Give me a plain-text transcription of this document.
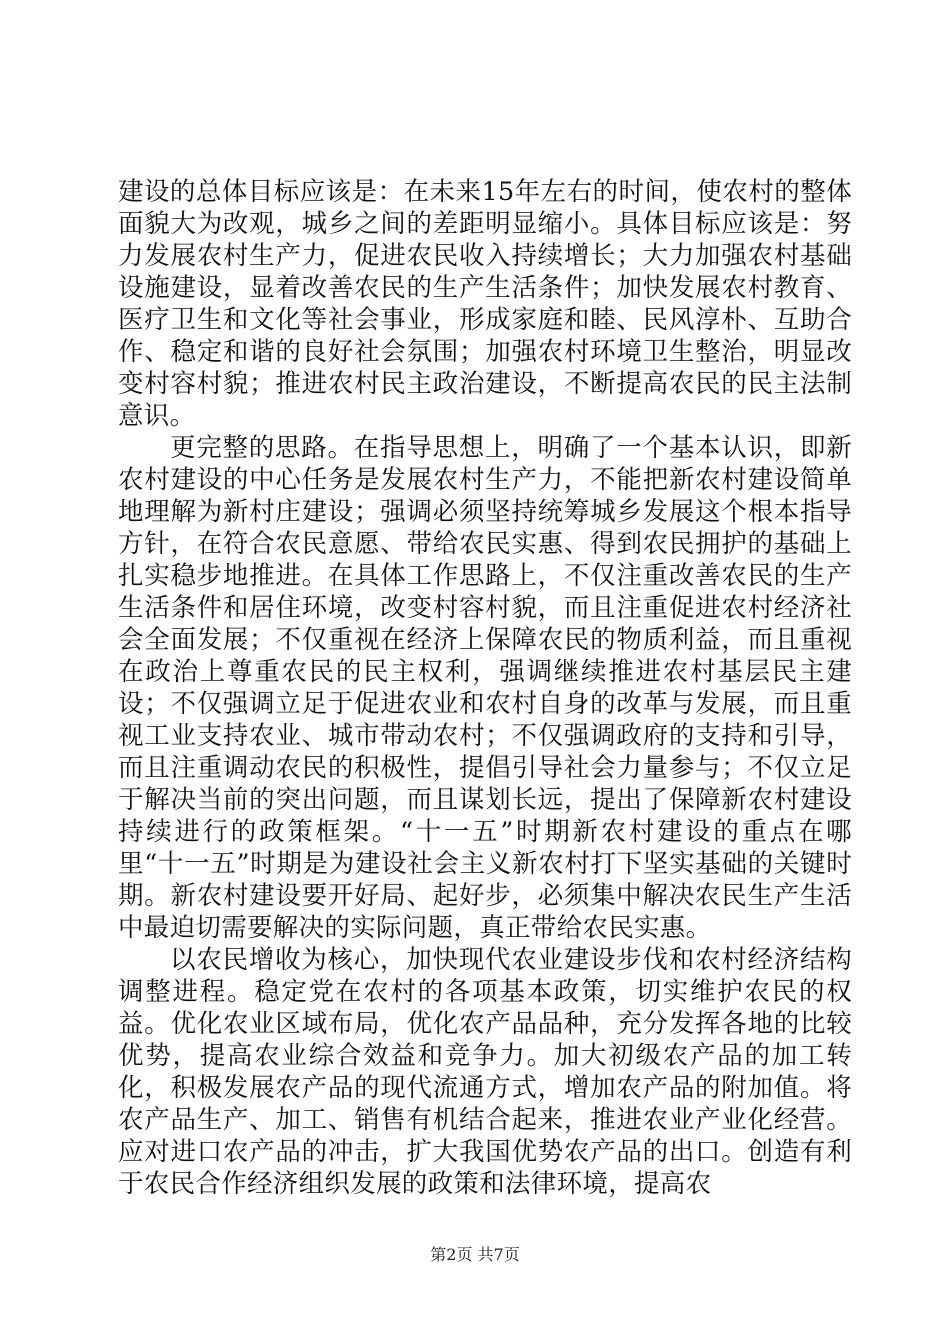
建设的总体目标应该是：在未来15年左右的时间，使农村的整体面貌大为改观，城乡之间的差距明显缩小。具体目标应该是：努力发展农村生产力，促进农民收入持续增长；大力加强农村基础设施建设，显着改善农民的生产生活条件；加快发展农村教育、医疗卫生和文化等社会事业，形成家庭和睦、民风淳朴、互助合作、稳定和谐的良好社会氛围；加强农村环境卫生整治，明显改变村容村貌；推进农村民主政治建设，不断提高农民的民主法制意识。

更完整的思路。在指导思想上，明确了一个基本认识，即新农村建设的中心任务是发展农村生产力，不能把新农村建设简单地理解为新村庄建设；强调必须坚持统筹城乡发展这个根本指导方针，在符合农民意愿、带给农民实惠、得到农民拥护的基础上扎实稳步地推进。在具体工作思路上，不仅注重改善农民的生产生活条件和居住环境，改变村容村貌，而且注重促进农村经济社会全面发展；不仅重视在经济上保障农民的物质利益，而且重视在政治上尊重农民的民主权利，强调继续推进农村基层民主建设；不仅强调立足于促进农业和农村自身的改革与发展，而且重视工业支持农业、城市带动农村；不仅强调政府的支持和引导，而且注重调动农民的积极性，提倡引导社会力量参与；不仅立足于解决当前的突出问题，而且谋划长远，提出了保障新农村建设持续进行的政策框架。“十一五”时期新农村建设的重点在哪里“十一五”时期是为建设社会主义新农村打下坚实基础的关键时期。新农村建设要开好局、起好步，必须集中解决农民生产生活中最迫切需要解决的实际问题，真正带给农民实惠。

以农民增收为核心，加快现代农业建设步伐和农村经济结构调整进程。稳定党在农村的各项基本政策，切实维护农民的权益。优化农业区域布局，优化农产品品种，充分发挥各地的比较优势，提高农业综合效益和竞争力。加大初级农产品的加工转化，积极发展农产品的现代流通方式，增加农产品的附加值。将农产品生产、加工、销售有机结合起来，推进农业产业化经营。应对进口农产品的冲击，扩大我国优势农产品的出口。创造有利于农民合作经济组织发展的政策和法律环境，提高农

第2页 共7页
